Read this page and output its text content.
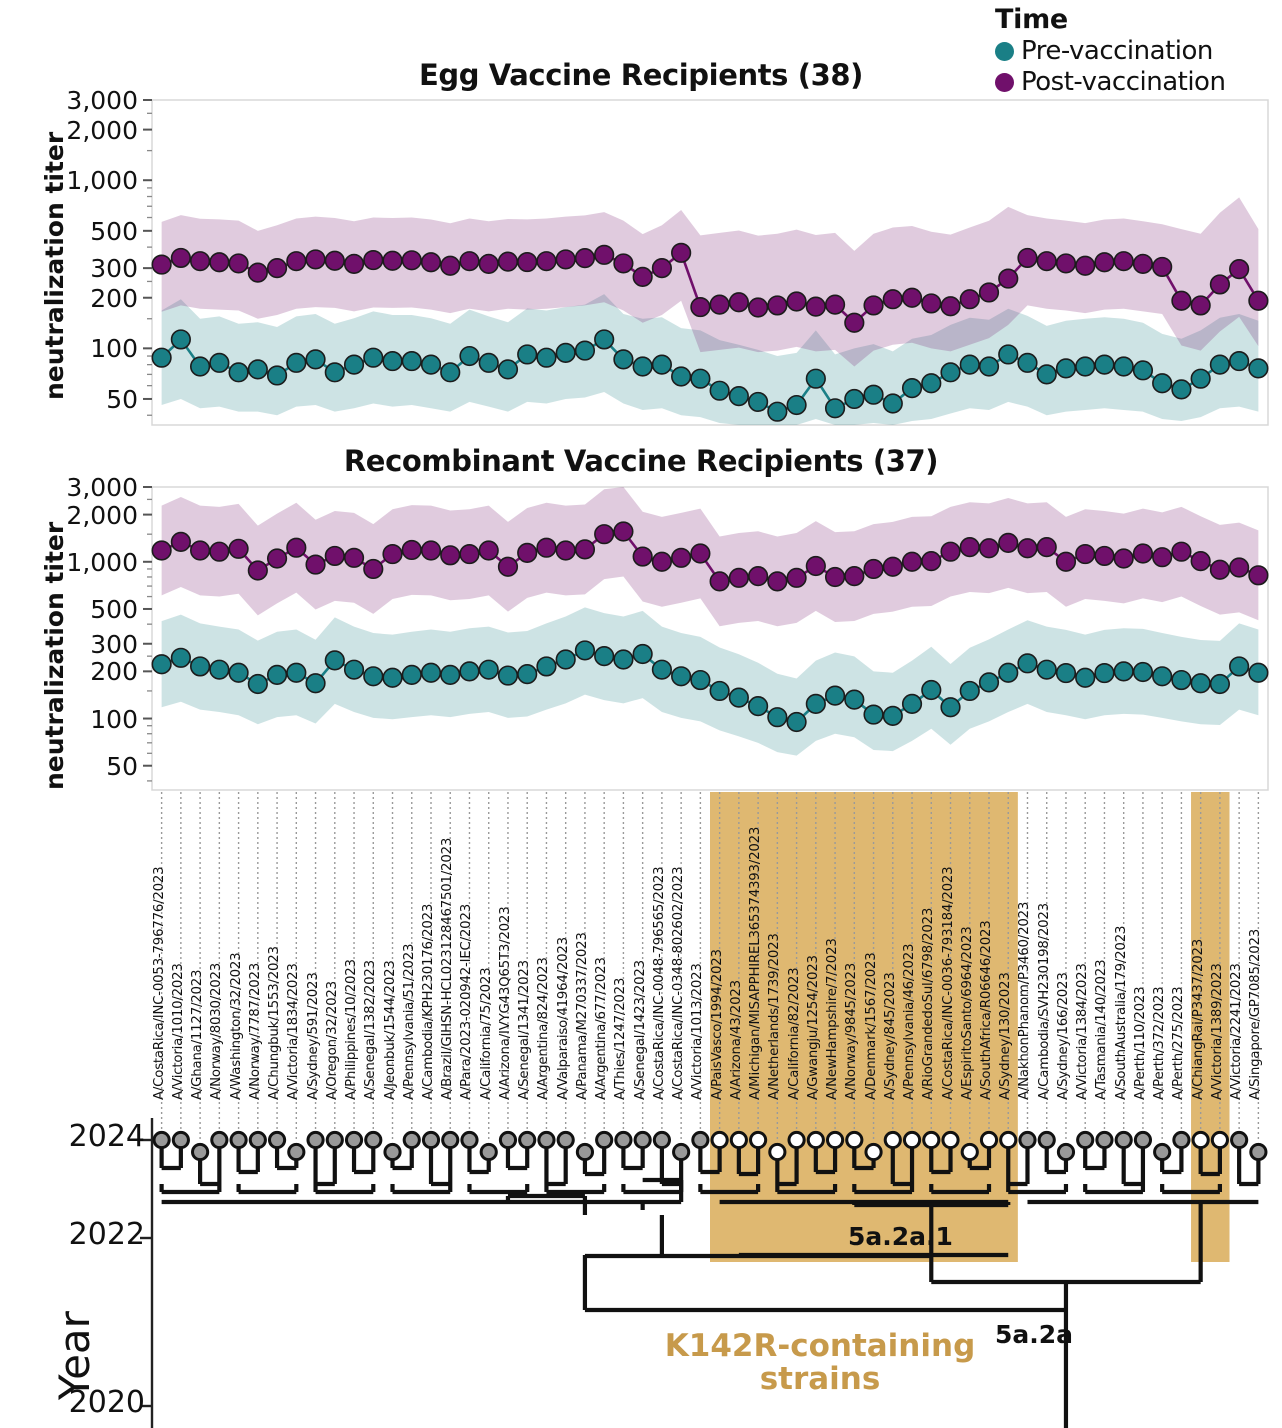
Time
Pre-vaccination
Post-vaccination
Egg Vaccine Recipients (38)
Recombinant Vaccine Recipients (37)
neutralization titer
neutralization titer
Year
50
100
200
300
500
1,000
2,000
3,000
50
100
200
300
500
1,000
2,000
3,000
A/CostaRica/INC-0053-796776/2023 A/Victoria/1010/2023 A/Ghana/1127/2023 A/Norway/8030/2023 A/Washington/32/2023 A/Norway/7787/2023 A/Chungbuk/1553/2023 A/Victoria/1834/2023 A/Sydney/591/2023 A/Oregon/32/2023 A/Philippines/10/2023 A/Senegal/1382/2023 A/Jeonbuk/1544/2023 A/Pennsylvania/51/2023 A/Cambodia/KPH230176/2023 A/Brazil/GIHSN-HCL023128467501/2023 A/Para/2023-020942-IEC/2023 A/California/75/2023 A/Arizona/IVYG43Q65T3/2023 A/Senegal/1341/2023 A/Argentina/824/2023 A/Valparaiso/41964/2023 A/Panama/M270337/2023 A/Argentina/677/2023 A/Thies/1247/2023 A/Senegal/1423/2023 A/CostaRica/INC-0048-796565/2023 A/CostaRica/INC-0348-802602/2023 A/Victoria/1013/2023 A/PaisVasco/1994/2023 A/Arizona/43/2023 A/Michigan/MISAPPHIREL365374393/2023 A/Netherlands/1739/2023 A/California/82/2023 A/Gwangju/1254/2023 A/NewHampshire/7/2023 A/Norway/9845/2023 A/Denmark/1567/2023 A/Sydney/845/2023 A/Pennsylvania/46/2023 A/RioGrandedoSul/6798/2023 A/CostaRica/INC-0036-793184/2023 A/EspiritoSanto/6964/2023 A/SouthAfrica/R06646/2023 A/Sydney/130/2023 A/NakhonPhanom/P3460/2023 A/Cambodia/SVH230198/2023 A/Sydney/166/2023 A/Victoria/1384/2023 A/Tasmania/140/2023 A/SouthAustralia/179/2023 A/Perth/110/2023 A/Perth/372/2023 A/Perth/275/2023 A/ChiangRai/P3437/2023 A/Victoria/1389/2023 A/Victoria/2241/2023 A/Singapore/GP7085/2023
2024
2022
2020
5a.2a.1
5a.2a
K142R-containing
strains
